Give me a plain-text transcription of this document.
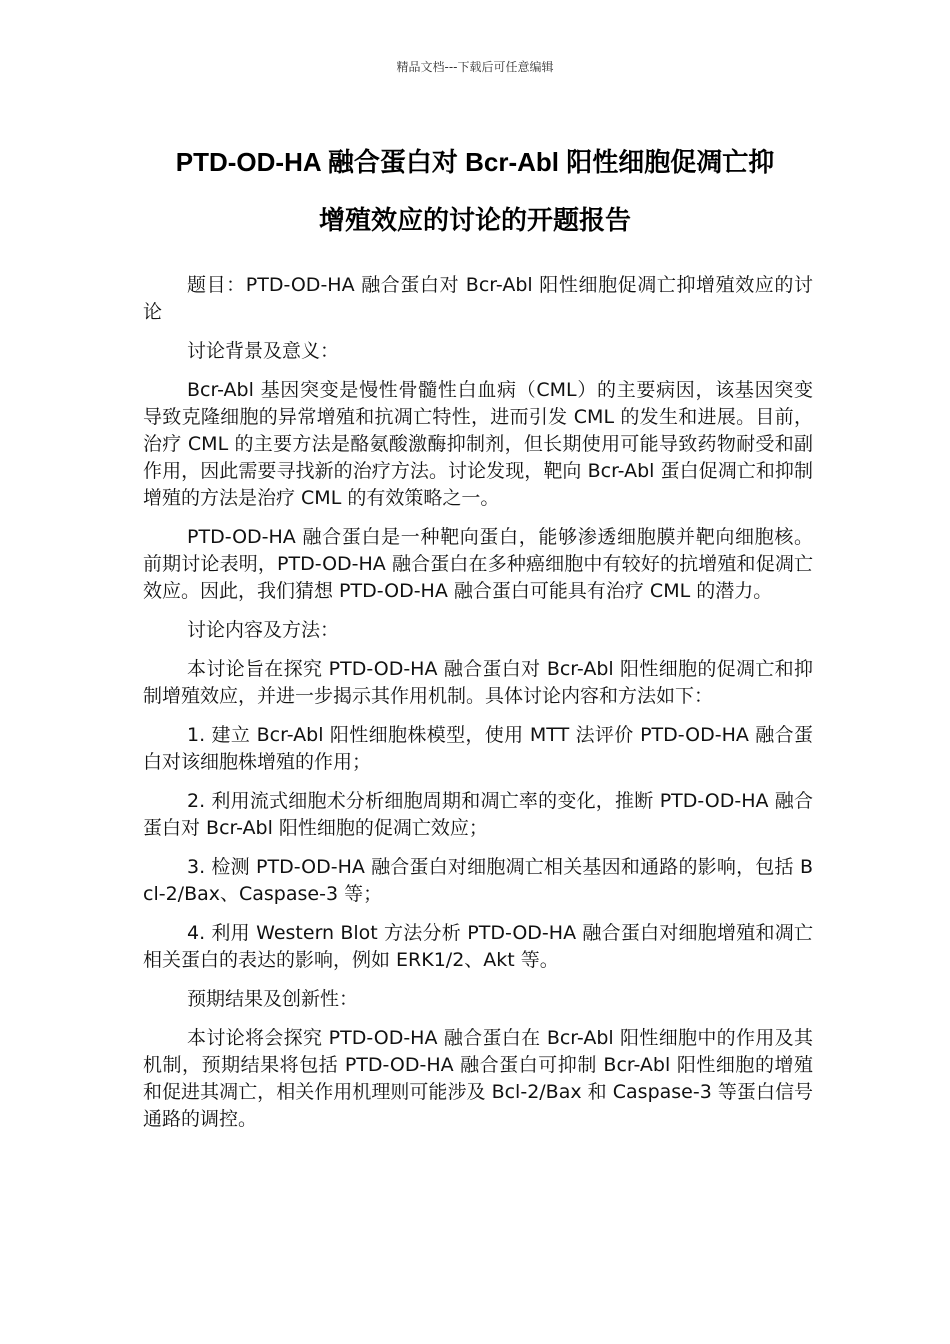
精品文档---下载后可任意编辑
PTD-OD-HA 融合蛋白对 Bcr-Abl 阳性细胞促凋亡抑
增殖效应的讨论的开题报告

题目：PTD-OD-HA 融合蛋白对 Bcr-Abl 阳性细胞促凋亡抑增殖效应的讨论

讨论背景及意义：

Bcr-Abl 基因突变是慢性骨髓性白血病（CML）的主要病因，该基因突变导致克隆细胞的异常增殖和抗凋亡特性，进而引发 CML 的发生和进展。目前，治疗 CML 的主要方法是酪氨酸激酶抑制剂，但长期使用可能导致药物耐受和副作用，因此需要寻找新的治疗方法。讨论发现，靶向 Bcr-Abl 蛋白促凋亡和抑制增殖的方法是治疗 CML 的有效策略之一。

PTD-OD-HA 融合蛋白是一种靶向蛋白，能够渗透细胞膜并靶向细胞核。前期讨论表明，PTD-OD-HA 融合蛋白在多种癌细胞中有较好的抗增殖和促凋亡效应。因此，我们猜想 PTD-OD-HA 融合蛋白可能具有治疗 CML 的潜力。

讨论内容及方法：

本讨论旨在探究 PTD-OD-HA 融合蛋白对 Bcr-Abl 阳性细胞的促凋亡和抑制增殖效应，并进一步揭示其作用机制。具体讨论内容和方法如下：

1. 建立 Bcr-Abl 阳性细胞株模型，使用 MTT 法评价 PTD-OD-HA 融合蛋白对该细胞株增殖的作用；

2. 利用流式细胞术分析细胞周期和凋亡率的变化，推断 PTD-OD-HA 融合蛋白对 Bcr-Abl 阳性细胞的促凋亡效应；

3. 检测 PTD-OD-HA 融合蛋白对细胞凋亡相关基因和通路的影响，包括 Bcl-2/Bax、Caspase-3 等；

4. 利用 Western Blot 方法分析 PTD-OD-HA 融合蛋白对细胞增殖和凋亡相关蛋白的表达的影响，例如 ERK1/2、Akt 等。

预期结果及创新性：

本讨论将会探究 PTD-OD-HA 融合蛋白在 Bcr-Abl 阳性细胞中的作用及其机制，预期结果将包括 PTD-OD-HA 融合蛋白可抑制 Bcr-Abl 阳性细胞的增殖和促进其凋亡，相关作用机理则可能涉及 Bcl-2/Bax 和 Caspase-3 等蛋白信号通路的调控。
